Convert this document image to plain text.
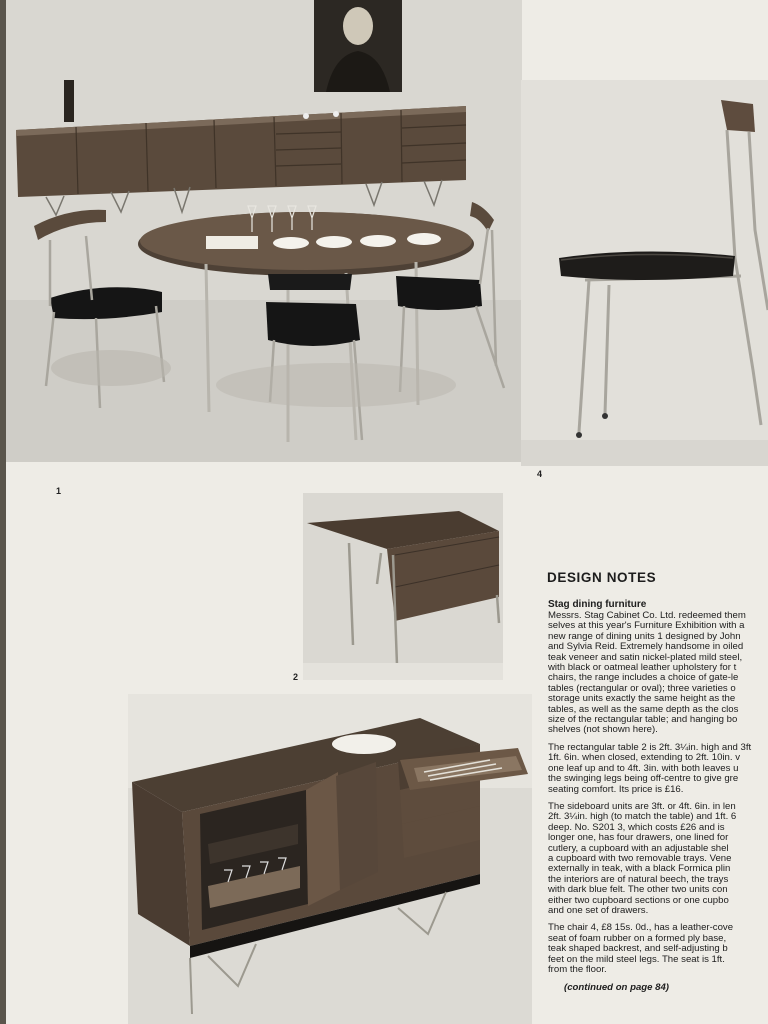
1
4
2
DESIGN NOTES
Stag dining furniture

Messrs. Stag Cabinet Co. Ltd. redeemed them
selves at this year's Furniture Exhibition with a
new range of dining units 1 designed by John
and Sylvia Reid. Extremely handsome in oiled
teak veneer and satin nickel-plated mild steel,
with black or oatmeal leather upholstery for t
chairs, the range includes a choice of gate-le
tables (rectangular or oval); three varieties o
storage units exactly the same height as the
tables, as well as the same depth as the clos
size of the rectangular table; and hanging bo
shelves (not shown here).

The rectangular table 2 is 2ft. 3¼in. high and 3ft
1ft. 6in. when closed, extending to 2ft. 10in. v
one leaf up and to 4ft. 3in. with both leaves u
the swinging legs being off-centre to give gre
seating comfort. Its price is £16.

The sideboard units are 3ft. or 4ft. 6in. in len
2ft. 3¼in. high (to match the table) and 1ft. 6
deep. No. S201 3, which costs £26 and is
longer one, has four drawers, one lined for
cutlery, a cupboard with an adjustable shel
a cupboard with two removable trays. Vene
externally in teak, with a black Formica plin
the interiors are of natural beech, the trays
with dark blue felt. The other two units con
either two cupboard sections or one cupbo
and one set of drawers.

The chair 4, £8 15s. 0d., has a leather-cove
seat of foam rubber on a formed ply base,
teak shaped backrest, and self-adjusting b
feet on the mild steel legs. The seat is 1ft.
from the floor.

(continued on page 84)
